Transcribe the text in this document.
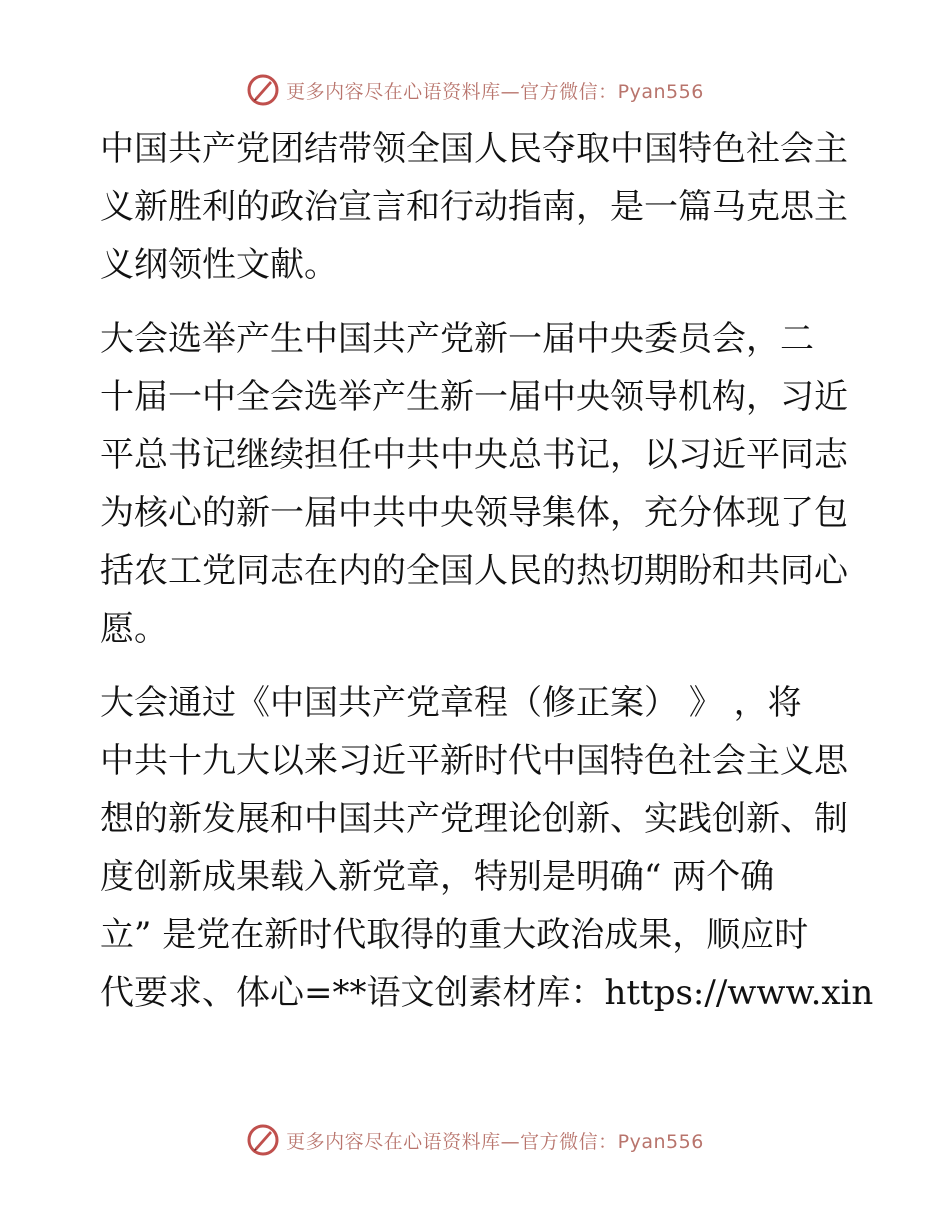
更多内容尽在心语资料库—官方微信：Pyan556
中国共产党团结带领全国人民夺取中国特色社会主
义新胜利的政治宣言和行动指南，是一篇马克思主
义纲领性文献。
大会选举产生中国共产党新一届中央委员会，二
十届一中全会选举产生新一届中央领导机构，习近
平总书记继续担任中共中央总书记，以习近平同志
为核心的新一届中共中央领导集体，充分体现了包
括农工党同志在内的全国人民的热切期盼和共同心
愿。
大会通过《中国共产党章程（修正案） 》 ，将
中共十九大以来习近平新时代中国特色社会主义思
想的新发展和中国共产党理论创新、实践创新、制
度创新成果载入新党章，特别是明确“ 两个确
立” 是党在新时代取得的重大政治成果，顺应时
代要求、体心=**语文创素材库：https://www.xin
更多内容尽在心语资料库—官方微信：Pyan556
